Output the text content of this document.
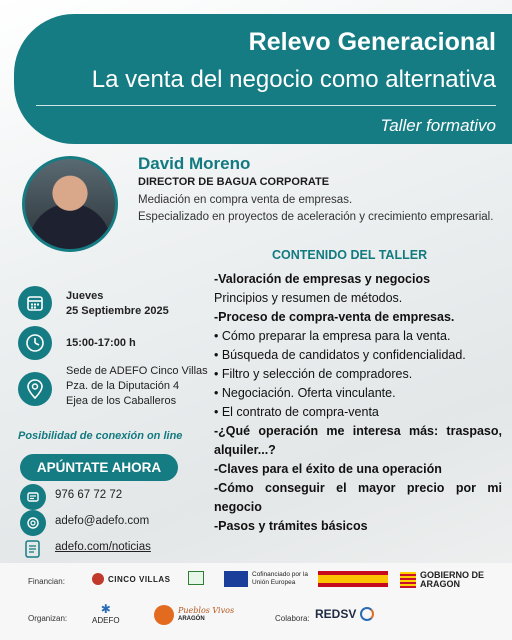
Relevo Generacional
La venta del negocio como alternativa
Taller formativo
David Moreno
DIRECTOR DE BAGUA CORPORATE
Mediación en compra venta de empresas.
Especializado en proyectos de aceleración y crecimiento empresarial.
Jueves
25 Septiembre 2025
15:00-17:00 h
Sede de ADEFO Cinco Villas
Pza. de la Diputación 4
Ejea de los Caballeros
Posibilidad de conexión on line
APÚNTATE AHORA
976 67 72 72
adefo@adefo.com
adefo.com/noticias
CONTENIDO DEL TALLER
-Valoración de empresas y negocios
Principios y resumen de métodos.
-Proceso de compra-venta de empresas.
• Cómo preparar la empresa para la venta.
• Búsqueda de candidatos y confidencialidad.
• Filtro y selección de compradores.
• Negociación. Oferta vinculante.
• El contrato de compra-venta
-¿Qué operación me interesa más: traspaso, alquiler...?
-Claves para el éxito de una operación
-Cómo conseguir el mayor precio por mi negocio
-Pasos y trámites básicos
Financian:	CINCO VILLAS	Cofinanciado por la Unión Europea
GOBIERNO DE ARAGON
Organizan:
✱
ADEFO
Pueblos Vivos
ARAGÓN	Colabora: REDSV
